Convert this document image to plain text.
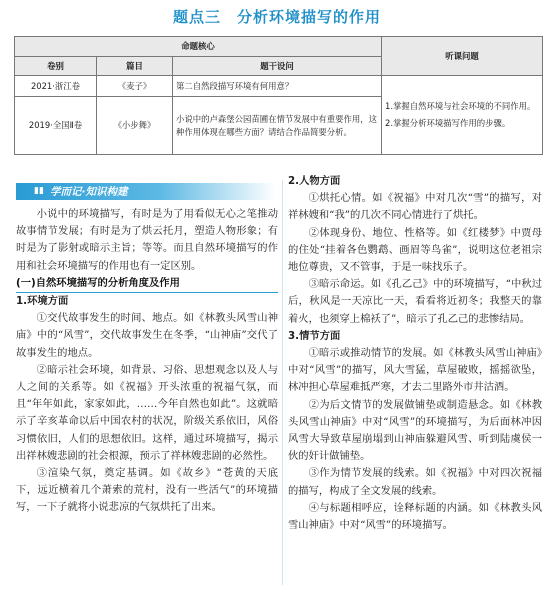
题点三　分析环境描写的作用
命题核心			听课问题
卷别	篇目	题干设问	
2021·浙江卷	《麦子》	第二自然段描写环境有何用意？	1.掌握自然环境与社会环境的不同作用。
2.掌握分析环境描写作用的步骤。

2019·全国Ⅱ卷	《小步舞》	小说中的卢森堡公园苗圃在情节发展中有重要作用，这种作用体现在哪些方面？请结合作品简要分析。	
▮▮ 学而记·知识构建

小说中的环境描写，有时是为了用看似无心之笔推动故事情节发展；有时是为了烘云托月，塑造人物形象；有时是为了影射或暗示主旨；等等。而且自然环境描写的作用和社会环境描写的作用也有一定区别。

(一)自然环境描写的分析角度及作用

1.环境方面

①交代故事发生的时间、地点。如《林教头风雪山神庙》中的“风雪”，交代故事发生在冬季，“山神庙”交代了故事发生的地点。

②暗示社会环境，如背景、习俗、思想观念以及人与人之间的关系等。如《祝福》开头浓重的祝福气氛，而且“年年如此，家家如此，……今年自然也如此”。这就暗示了辛亥革命以后中国农村的状况，阶级关系依旧，风俗习惯依旧，人们的思想依旧。这样，通过环境描写，揭示出祥林嫂悲剧的社会根源，预示了祥林嫂悲剧的必然性。

③渲染气氛，奠定基调。如《故乡》“苍黄的天底下，远近横着几个萧索的荒村，没有一些活气”的环境描写，一下子就将小说悲凉的气氛烘托了出来。

2.人物方面

①烘托心情。如《祝福》中对几次“雪”的描写，对祥林嫂和“我”的几次不同心情进行了烘托。

②体现身份、地位、性格等。如《红楼梦》中贾母的住处“挂着各色鹦鹉、画眉等鸟雀”，说明这位老祖宗地位尊贵，又不管事，于是一味找乐子。

③暗示命运。如《孔乙己》中的环境描写，“中秋过后，秋风是一天凉比一天，看看将近初冬；我整天的靠着火，也须穿上棉袄了”，暗示了孔乙己的悲惨结局。

3.情节方面

①暗示或推动情节的发展。如《林教头风雪山神庙》中对“风雪”的描写，风大雪猛，草屋破败，摇摇欲坠，林冲担心草屋难抵严寒，才去二里路外市井沽酒。

②为后文情节的发展做铺垫或制造悬念。如《林教头风雪山神庙》中对“风雪”的环境描写，为后面林冲因风雪大导致草屋崩塌到山神庙躲避风雪、听到陆虞侯一伙的奸计做铺垫。

③作为情节发展的线索。如《祝福》中对四次祝福的描写，构成了全文发展的线索。

④与标题相呼应，诠释标题的内涵。如《林教头风雪山神庙》中对“风雪”的环境描写。
